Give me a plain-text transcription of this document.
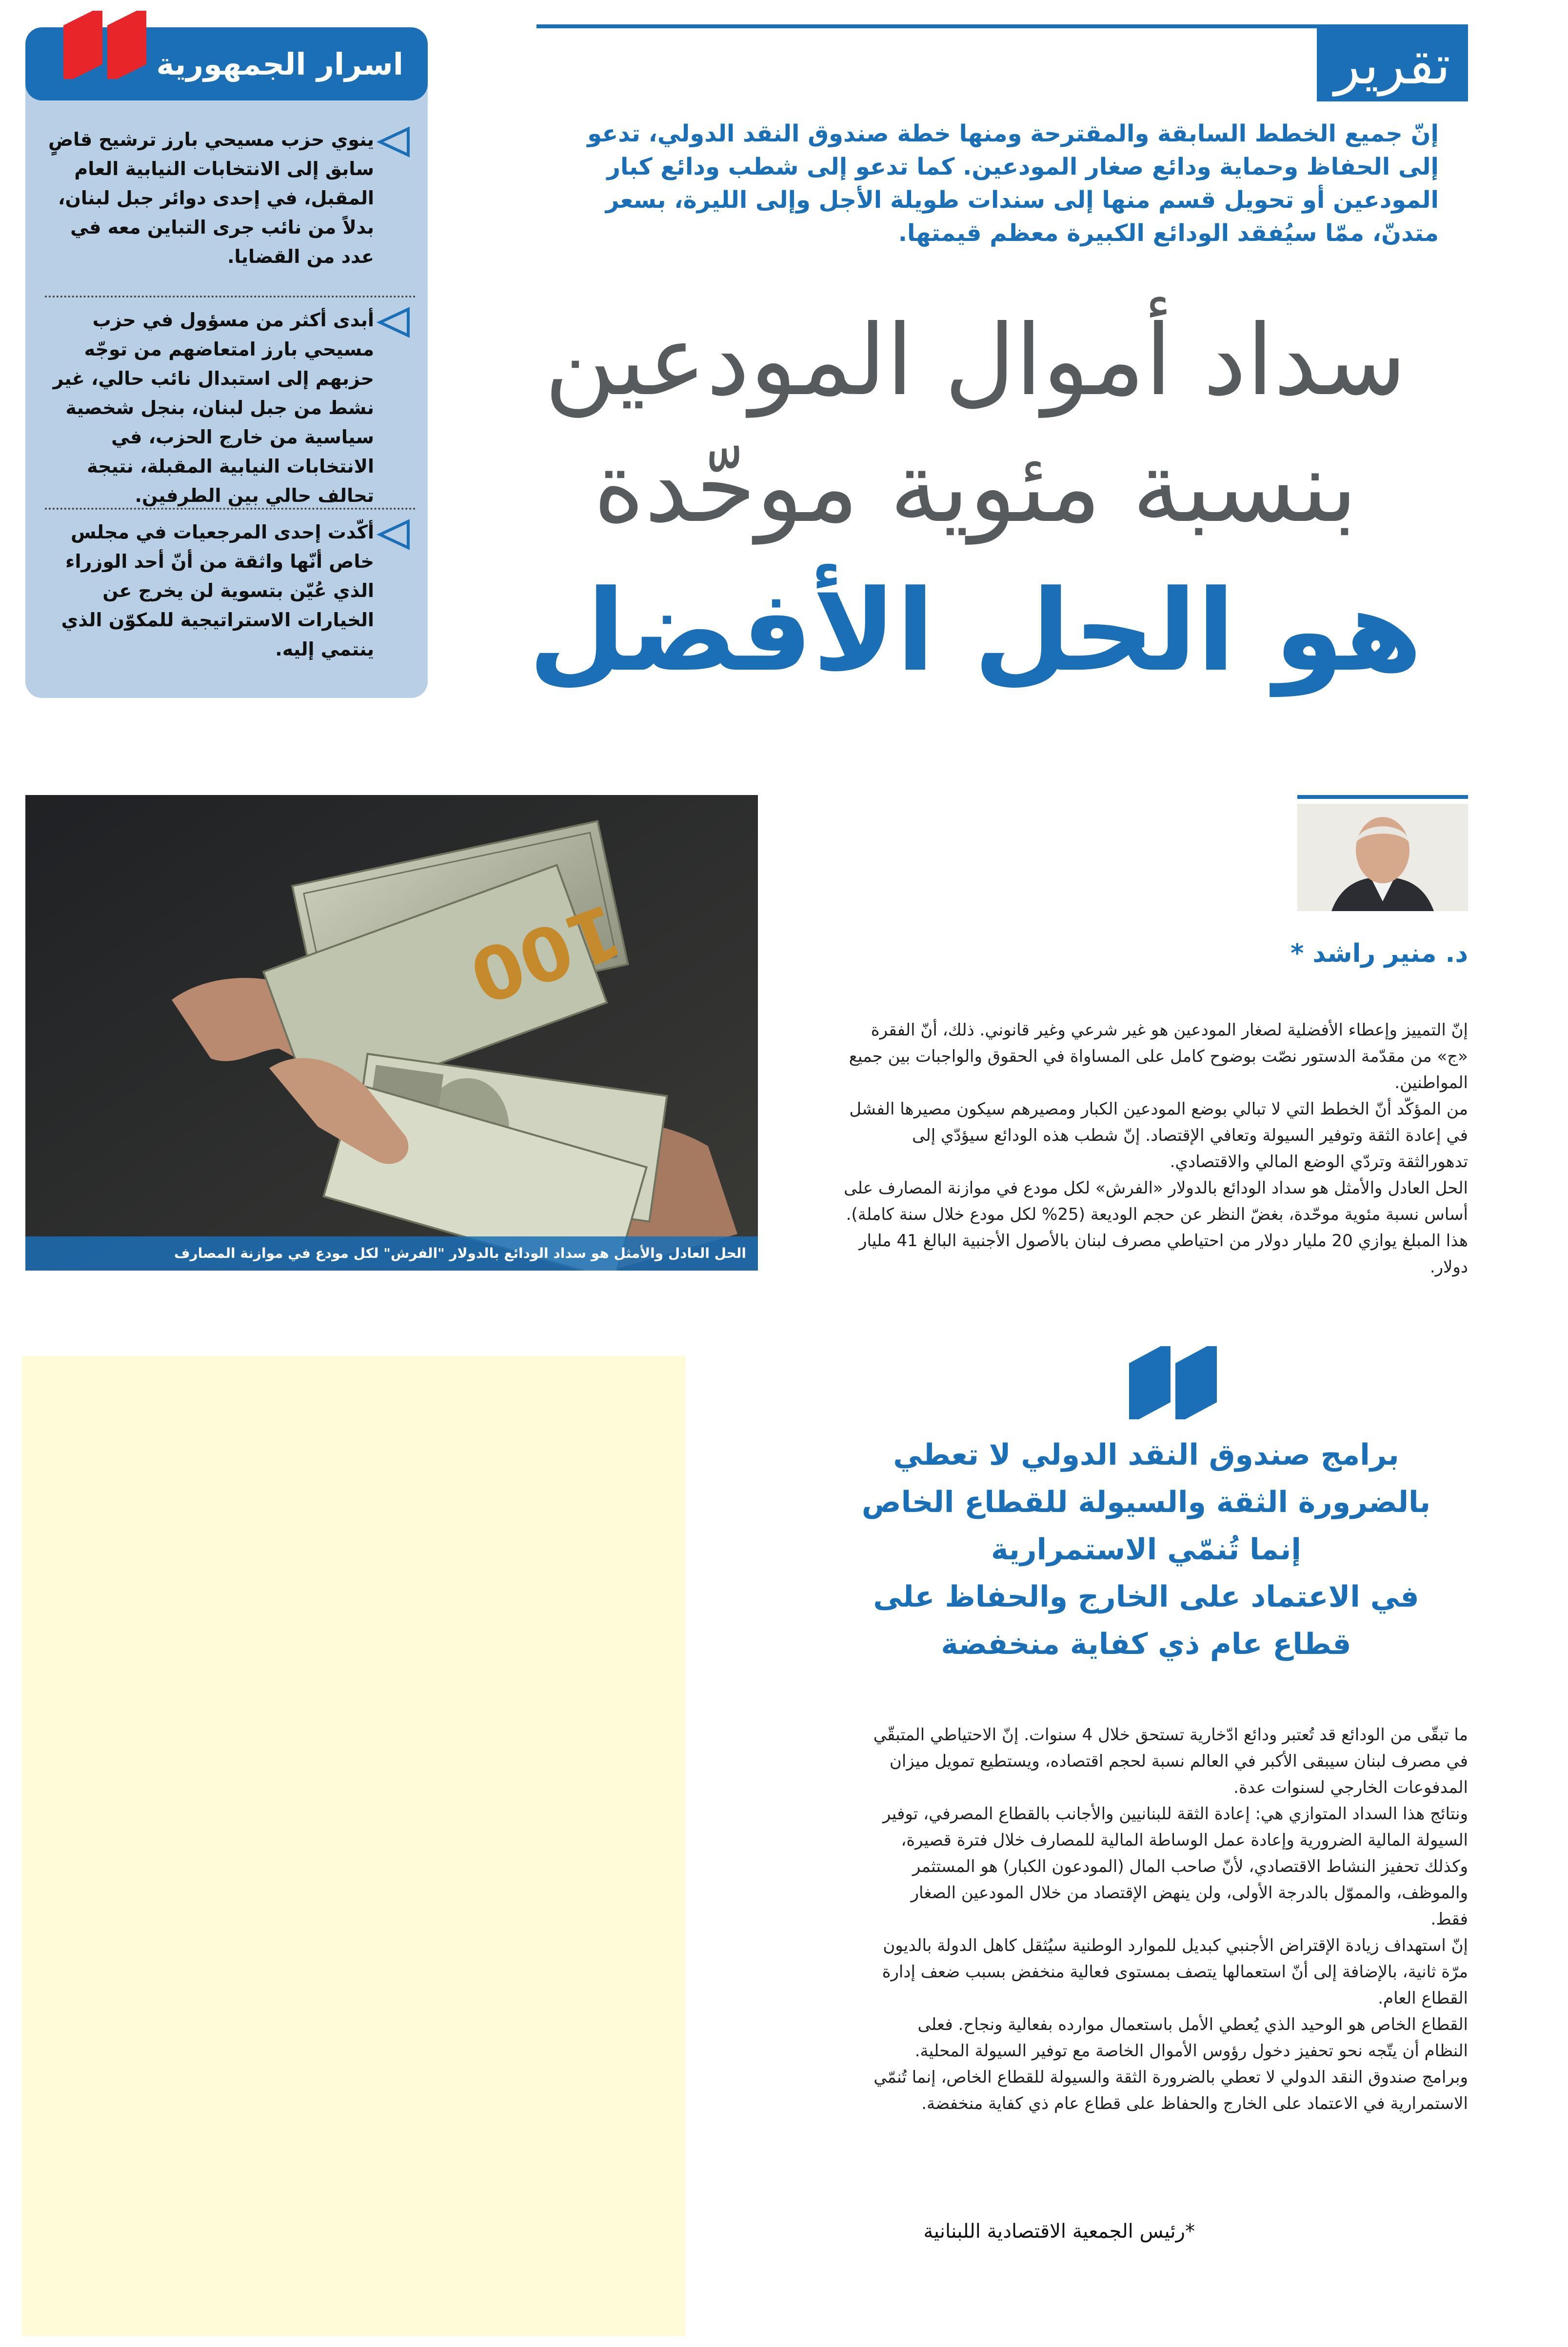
تقرير
إنّ جميع الخطط السابقة والمقترحة ومنها خطة صندوق النقد الدولي، تدعو إلى الحفاظ وحماية ودائع صغار المودعين. كما تدعو إلى شطب ودائع كبار المودعين أو تحويل قسم منها إلى سندات طويلة الأجل وإلى الليرة، بسعر متدنّ، ممّا سيُفقد الودائع الكبيرة معظم قيمتها.
سداد أموال المودعين
بنسبة مئوية موحّدة
هو الحل الأفضل
اسرار الجمهورية
ينوي حزب مسيحي بارز ترشيح قاضٍ سابق إلى الانتخابات النيابية العام المقبل، في إحدى دوائر جبل لبنان، بدلاً من نائب جرى التباين معه في عدد من القضايا.
أبدى أكثر من مسؤول في حزب مسيحي بارز امتعاضهم من توجّه حزبهم إلى استبدال نائب حالي، غير نشط من جبل لبنان، بنجل شخصية سياسية من خارج الحزب، في الانتخابات النيابية المقبلة، نتيجة تحالف حالي بين الطرفين.
أكّدت إحدى المرجعيات في مجلس خاص أنّها واثقة من أنّ أحد الوزراء الذي عُيّن بتسوية لن يخرج عن الخيارات الاستراتيجية للمكوّن الذي ينتمي إليه.
100
الحل العادل والأمثل هو سداد الودائع بالدولار "الفرش" لكل مودع في موازنة المصارف
د. منير راشد *

إنّ التمييز وإعطاء الأفضلية لصغار المودعين هو غير شرعي وغير قانوني. ذلك، أنّ الفقرة «ج» من مقدّمة الدستور نصّت بوضوح كامل على المساواة في الحقوق والواجبات بين جميع المواطنين.

من المؤكّد أنّ الخطط التي لا تبالي بوضع المودعين الكبار ومصيرهم سيكون مصيرها الفشل في إعادة الثقة وتوفير السيولة وتعافي الإقتصاد. إنّ شطب هذه الودائع سيؤدّي إلى تدهورالثقة وتردّي الوضع المالي والاقتصادي.

الحل العادل والأمثل هو سداد الودائع بالدولار «الفرش» لكل مودع في موازنة المصارف على أساس نسبة مئوية موحّدة، بغضّ النظر عن حجم الوديعة (25% لكل مودع خلال سنة كاملة). هذا المبلغ يوازي 20 مليار دولار من احتياطي مصرف لبنان بالأصول الأجنبية البالغ 41 مليار دولار.

برامج صندوق النقد الدولي لا تعطي
بالضرورة الثقة والسيولة للقطاع الخاص
إنما تُنمّي الاستمرارية
في الاعتماد على الخارج والحفاظ على
قطاع عام ذي كفاية منخفضة

ما تبقّى من الودائع قد تُعتبر ودائع ادّخارية تستحق خلال 4 سنوات. إنّ الاحتياطي المتبقّي في مصرف لبنان سيبقى الأكبر في العالم نسبة لحجم اقتصاده، ويستطيع تمويل ميزان المدفوعات الخارجي لسنوات عدة.

ونتائج هذا السداد المتوازي هي: إعادة الثقة للبنانيين والأجانب بالقطاع المصرفي، توفير السيولة المالية الضرورية وإعادة عمل الوساطة المالية للمصارف خلال فترة قصيرة، وكذلك تحفيز النشاط الاقتصادي، لأنّ صاحب المال (المودعون الكبار) هو المستثمر والموظف، والمموّل بالدرجة الأولى، ولن ينهض الإقتصاد من خلال المودعين الصغار فقط.

إنّ استهداف زيادة الإقتراض الأجنبي كبديل للموارد الوطنية سيُثقل كاهل الدولة بالديون مرّة ثانية، بالإضافة إلى أنّ استعمالها يتصف بمستوى فعالية منخفض بسبب ضعف إدارة القطاع العام.

القطاع الخاص هو الوحيد الذي يُعطي الأمل باستعمال موارده بفعالية ونجاح. فعلى النظام أن يتّجه نحو تحفيز دخول رؤوس الأموال الخاصة مع توفير السيولة المحلية.

وبرامج صندوق النقد الدولي لا تعطي بالضرورة الثقة والسيولة للقطاع الخاص، إنما تُنمّي الاستمرارية في الاعتماد على الخارج والحفاظ على قطاع عام ذي كفاية منخفضة.

*رئيس الجمعية الاقتصادية اللبنانية
